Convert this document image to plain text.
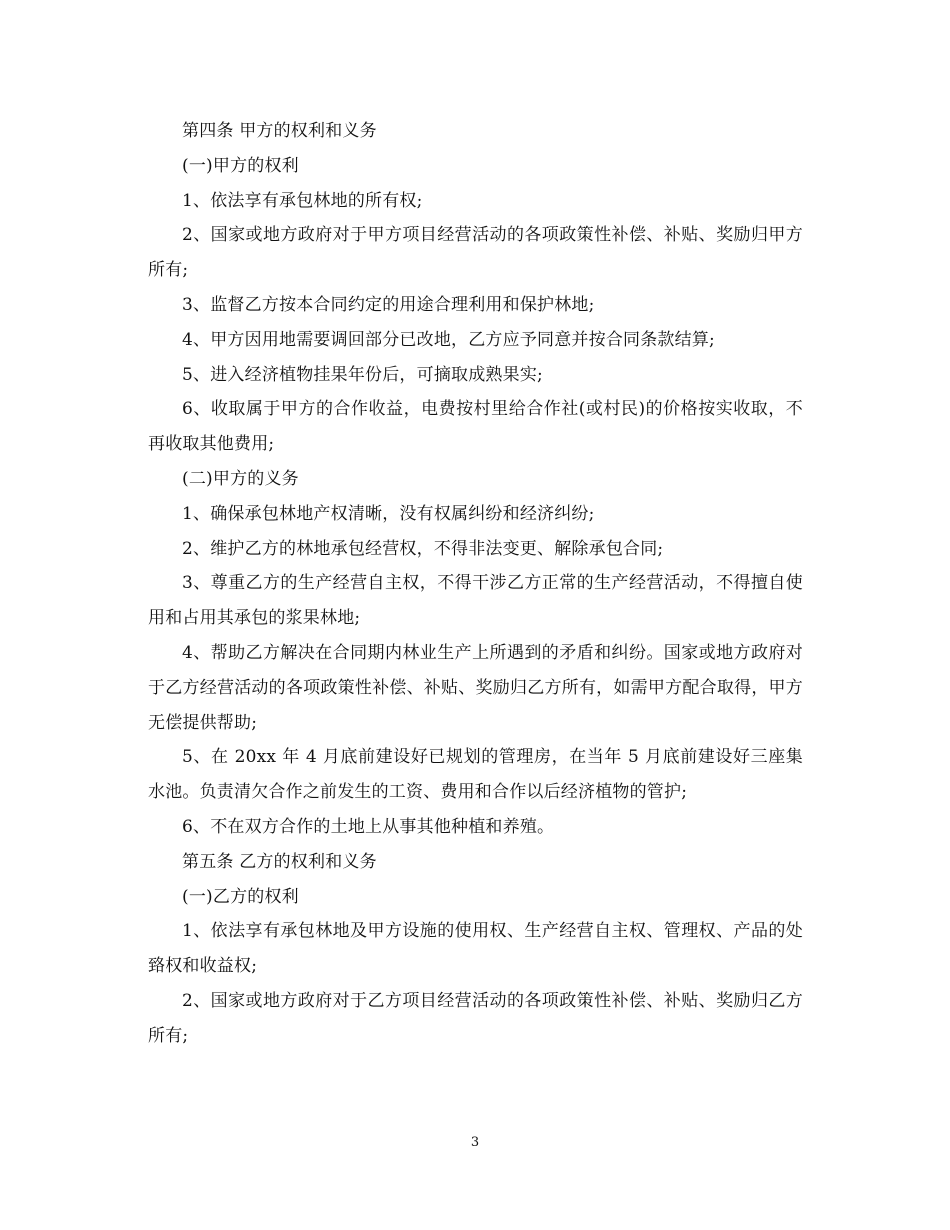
第四条 甲方的权利和义务

(一)甲方的权利

1、依法享有承包林地的所有权;

2、国家或地方政府对于甲方项目经营活动的各项政策性补偿、补贴、奖励归甲方所有;

3、监督乙方按本合同约定的用途合理利用和保护林地;

4、甲方因用地需要调回部分已改地，乙方应予同意并按合同条款结算;

5、进入经济植物挂果年份后，可摘取成熟果实;

6、收取属于甲方的合作收益，电费按村里给合作社(或村民)的价格按实收取，不再收取其他费用;

(二)甲方的义务

1、确保承包林地产权清晰，没有权属纠纷和经济纠纷;

2、维护乙方的林地承包经营权，不得非法变更、解除承包合同;

3、尊重乙方的生产经营自主权，不得干涉乙方正常的生产经营活动，不得擅自使用和占用其承包的浆果林地;

4、帮助乙方解决在合同期内林业生产上所遇到的矛盾和纠纷。国家或地方政府对于乙方经营活动的各项政策性补偿、补贴、奖励归乙方所有，如需甲方配合取得，甲方无偿提供帮助;

5、在 20xx 年 4 月底前建设好已规划的管理房，在当年 5 月底前建设好三座集水池。负责清欠合作之前发生的工资、费用和合作以后经济植物的管护;

6、不在双方合作的土地上从事其他种植和养殖。

第五条 乙方的权利和义务

(一)乙方的权利

1、依法享有承包林地及甲方设施的使用权、生产经营自主权、管理权、产品的处臵权和收益权;

2、国家或地方政府对于乙方项目经营活动的各项政策性补偿、补贴、奖励归乙方所有;

3
